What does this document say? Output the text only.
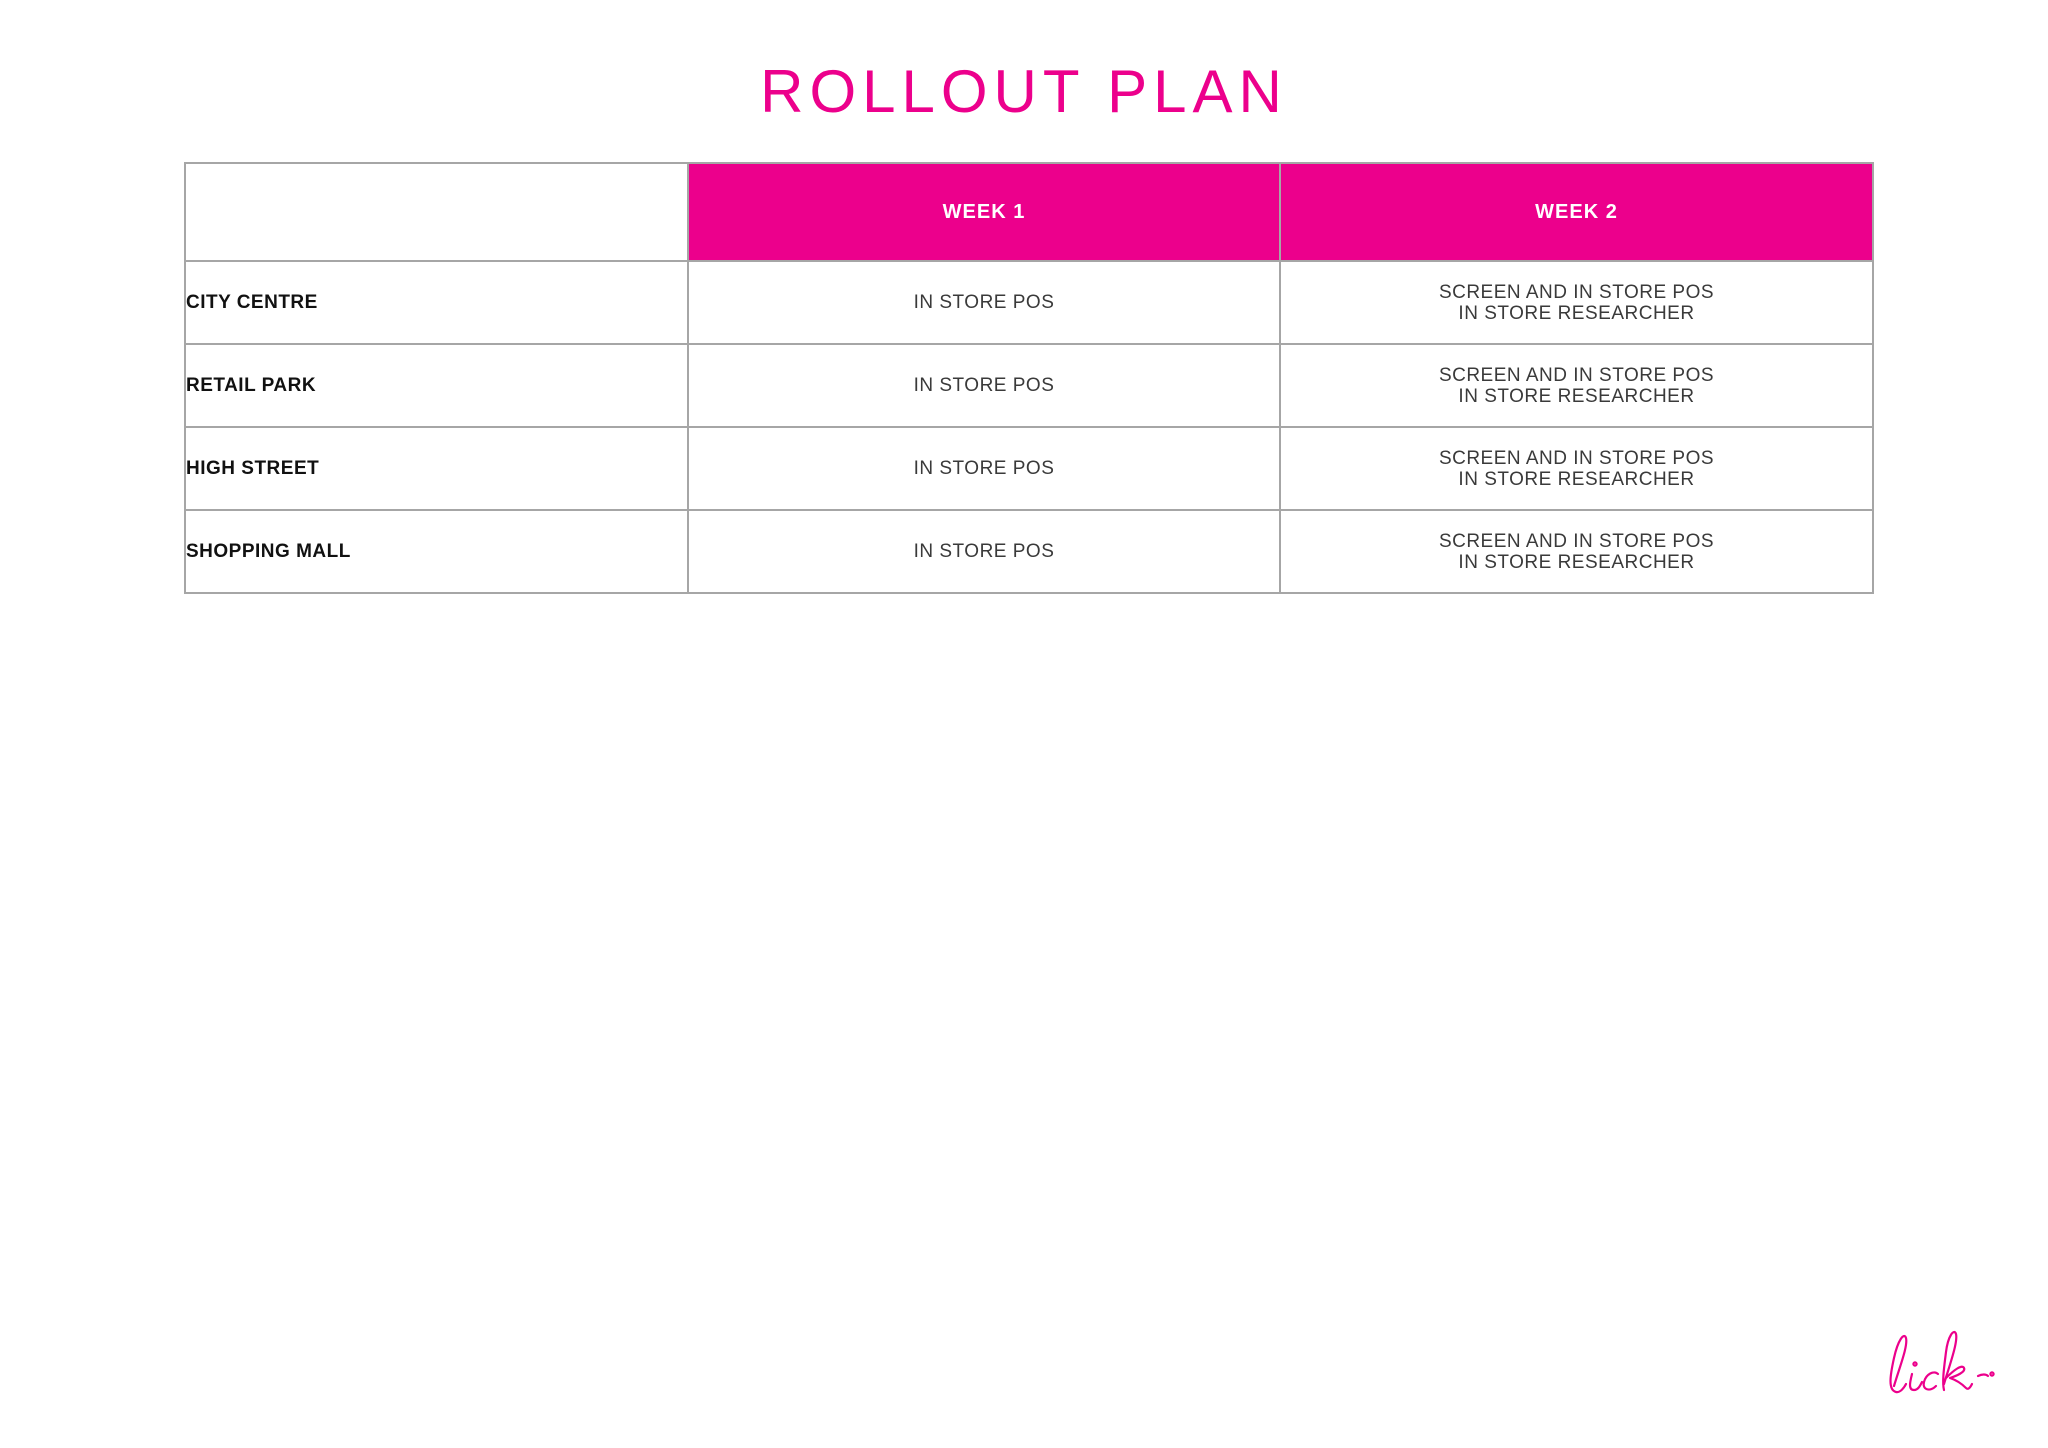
ROLLOUT PLAN
	WEEK 1	WEEK 2
CITY CENTRE	IN STORE POS	SCREEN AND IN STORE POS
IN STORE RESEARCHER

RETAIL PARK	IN STORE POS	SCREEN AND IN STORE POS
IN STORE RESEARCHER

HIGH STREET	IN STORE POS	SCREEN AND IN STORE POS
IN STORE RESEARCHER

SHOPPING MALL	IN STORE POS	SCREEN AND IN STORE POS
IN STORE RESEARCHER
